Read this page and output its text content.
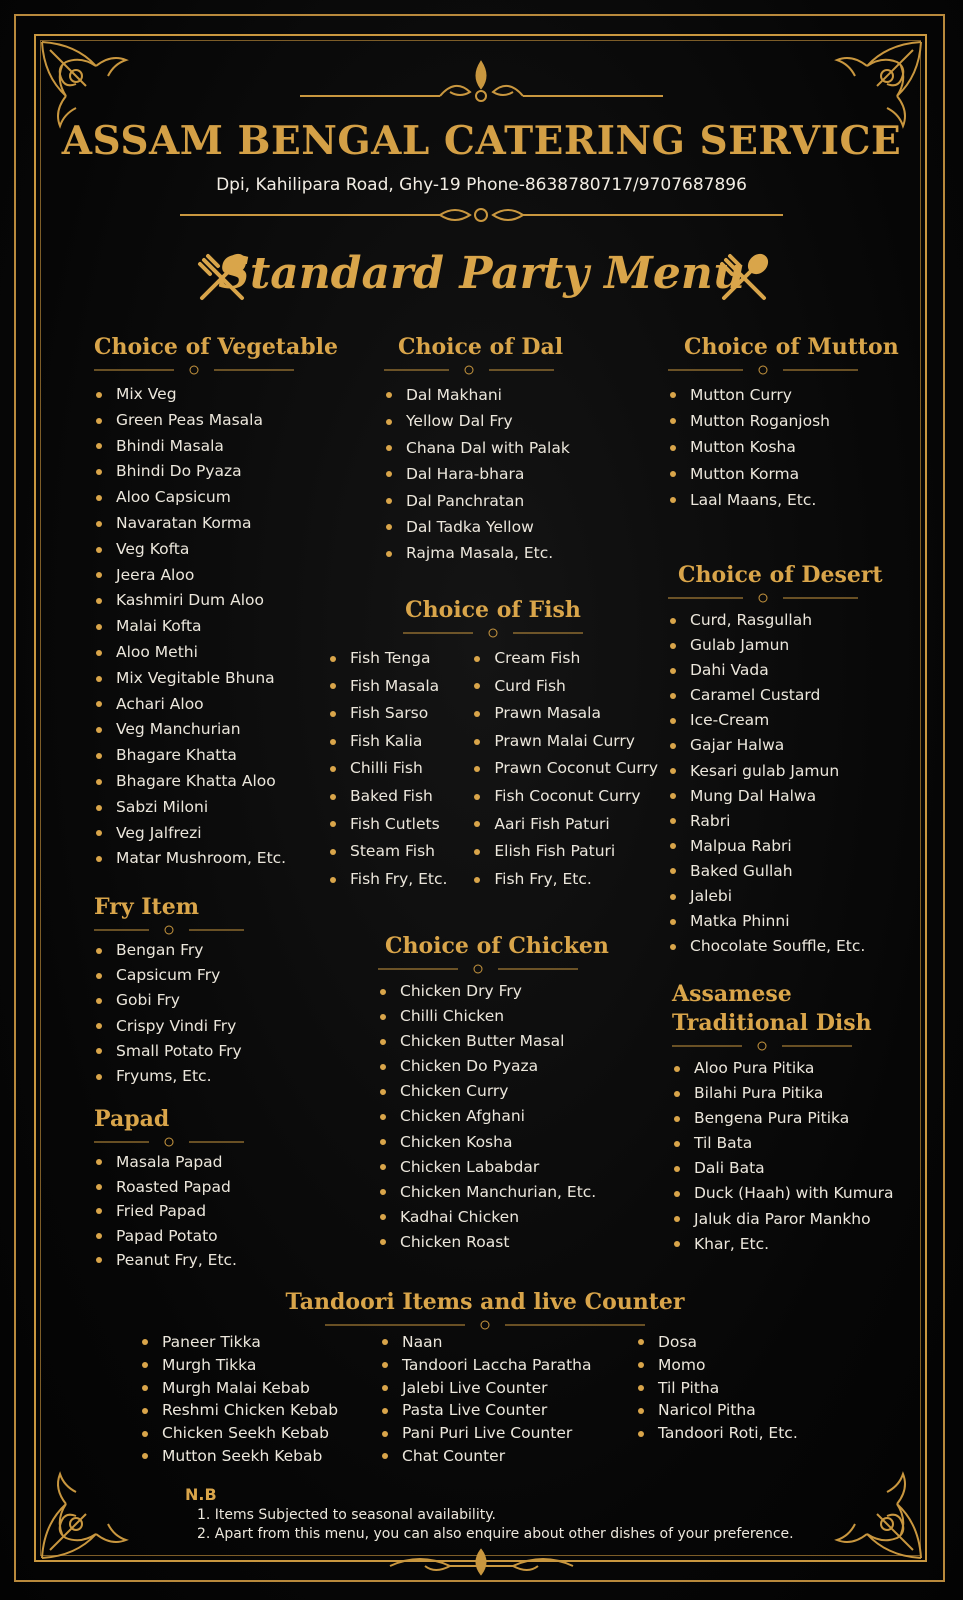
ASSAM BENGAL CATERING SERVICE
Dpi, Kahilipara Road, Ghy-19 Phone-8638780717/9707687896
Standard Party Menu
Choice of Vegetable
Mix Veg
Green Peas Masala
Bhindi Masala
Bhindi Do Pyaza
Aloo Capsicum
Navaratan Korma
Veg Kofta
Jeera Aloo
Kashmiri Dum Aloo
Malai Kofta
Aloo Methi
Mix Vegitable Bhuna
Achari Aloo
Veg Manchurian
Bhagare Khatta
Bhagare Khatta Aloo
Sabzi Miloni
Veg Jalfrezi
Matar Mushroom, Etc.
Fry Item
Bengan Fry
Capsicum Fry
Gobi Fry
Crispy Vindi Fry
Small Potato Fry
Fryums, Etc.
Papad
Masala Papad
Roasted Papad
Fried Papad
Papad Potato
Peanut Fry, Etc.
Choice of Dal
Dal Makhani
Yellow Dal Fry
Chana Dal with Palak
Dal Hara-bhara
Dal Panchratan
Dal Tadka Yellow
Rajma Masala, Etc.
Choice of Fish
Fish Tenga
Fish Masala
Fish Sarso
Fish Kalia
Chilli Fish
Baked Fish
Fish Cutlets
Steam Fish
Fish Fry, Etc.
Cream Fish
Curd Fish
Prawn Masala
Prawn Malai Curry
Prawn Coconut Curry
Fish Coconut Curry
Aari Fish Paturi
Elish Fish Paturi
Fish Fry, Etc.
Choice of Chicken
Chicken Dry Fry
Chilli Chicken
Chicken Butter Masal
Chicken Do Pyaza
Chicken Curry
Chicken Afghani
Chicken Kosha
Chicken Lababdar
Chicken Manchurian, Etc.
Kadhai Chicken
Chicken Roast
Choice of Mutton
Mutton Curry
Mutton Roganjosh
Mutton Kosha
Mutton Korma
Laal Maans, Etc.
Choice of Desert
Curd, Rasgullah
Gulab Jamun
Dahi Vada
Caramel Custard
Ice-Cream
Gajar Halwa
Kesari gulab Jamun
Mung Dal Halwa
Rabri
Malpua Rabri
Baked Gullah
Jalebi
Matka Phinni
Chocolate Souffle, Etc.
Assamese
Traditional Dish
Aloo Pura Pitika
Bilahi Pura Pitika
Bengena Pura Pitika
Til Bata
Dali Bata
Duck (Haah) with Kumura
Jaluk dia Paror Mankho
Khar, Etc.
Tandoori Items and live Counter
Paneer Tikka
Murgh Tikka
Murgh Malai Kebab
Reshmi Chicken Kebab
Chicken Seekh Kebab
Mutton Seekh Kebab
Naan
Tandoori Laccha Paratha
Jalebi Live Counter
Pasta Live Counter
Pani Puri Live Counter
Chat Counter
Dosa
Momo
Til Pitha
Naricol Pitha
Tandoori Roti, Etc.
N.B
1. Items Subjected to seasonal availability.
2. Apart from this menu, you can also enquire about other dishes of your preference.
